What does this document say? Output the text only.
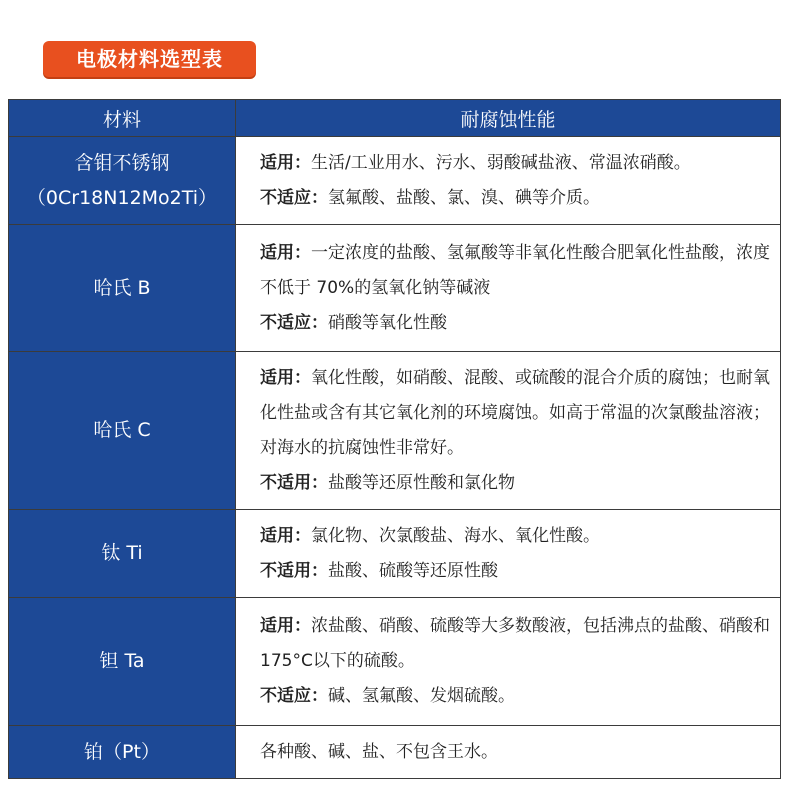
电极材料选型表
材料	耐腐蚀性能
含钼不锈钢
（0Cr18N12Mo2Ti）

适用：生活/工业用水、污水、弱酸碱盐液、常温浓硝酸。

不适应：氢氟酸、盐酸、氯、溴、碘等介质。

哈氏 B

适用：一定浓度的盐酸、氢氟酸等非氧化性酸合肥氧化性盐酸，浓度不低于 70%的氢氧化钠等碱液

不适应：硝酸等氧化性酸

哈氏 C

适用：氧化性酸，如硝酸、混酸、或硫酸的混合介质的腐蚀；也耐氧化性盐或含有其它氧化剂的环境腐蚀。如高于常温的次氯酸盐溶液；对海水的抗腐蚀性非常好。

不适用：盐酸等还原性酸和氯化物

钛 Ti

适用：氯化物、次氯酸盐、海水、氧化性酸。

不适用：盐酸、硫酸等还原性酸

钽 Ta

适用：浓盐酸、硝酸、硫酸等大多数酸液，包括沸点的盐酸、硝酸和 175°C以下的硫酸。

不适应：碱、氢氟酸、发烟硫酸。

铂（Pt）	各种酸、碱、盐、不包含王水。
